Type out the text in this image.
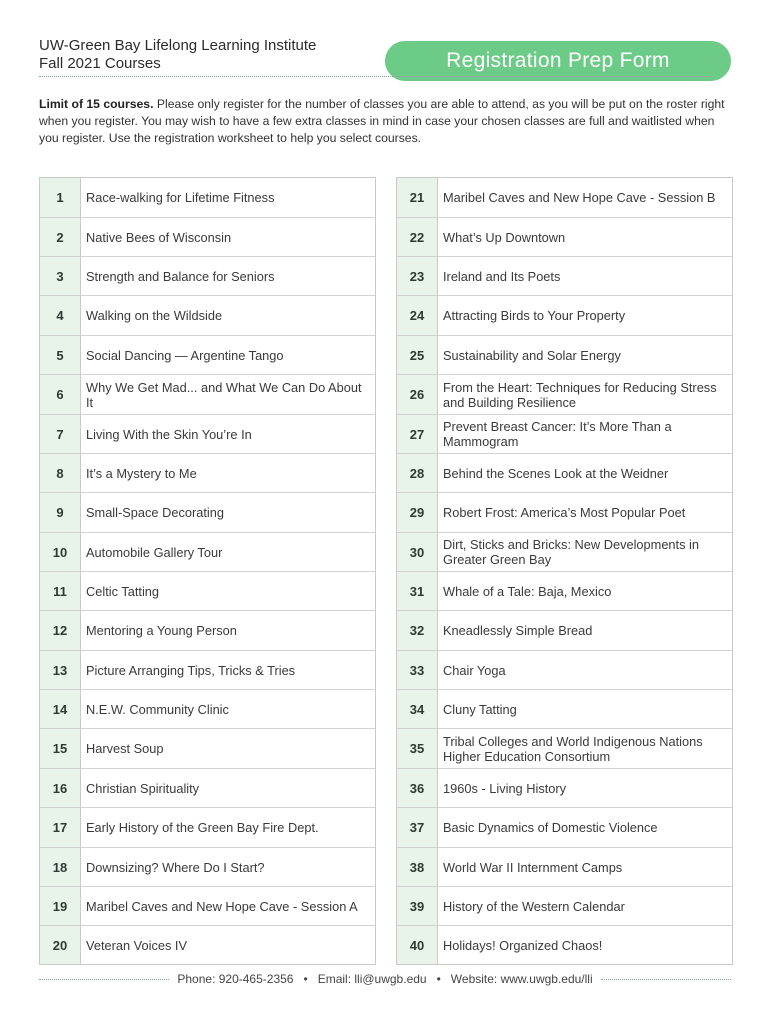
UW-Green Bay Lifelong Learning Institute
Fall 2021 Courses	Registration Prep Form
Limit of 15 courses. Please only register for the number of classes you are able to attend, as you will be put on the roster right when you register. You may wish to have a few extra classes in mind in case your chosen classes are full and waitlisted when you register. Use the registration worksheet to help you select courses.
1	Race-walking for Lifetime Fitness
2	Native Bees of Wisconsin
3	Strength and Balance for Seniors
4	Walking on the Wildside
5	Social Dancing — Argentine Tango
6	Why We Get Mad... and What We Can Do About It
7	Living With the Skin You’re In
8	It’s a Mystery to Me
9	Small-Space Decorating
10	Automobile Gallery Tour
11	Celtic Tatting
12	Mentoring a Young Person
13	Picture Arranging Tips, Tricks & Tries
14	N.E.W. Community Clinic
15	Harvest Soup
16	Christian Spirituality
17	Early History of the Green Bay Fire Dept.
18	Downsizing? Where Do I Start?
19	Maribel Caves and New Hope Cave - Session A
20	Veteran Voices IV
21	Maribel Caves and New Hope Cave - Session B
22	What’s Up Downtown
23	Ireland and Its Poets
24	Attracting Birds to Your Property
25	Sustainability and Solar Energy
26	From the Heart: Techniques for Reducing Stress and Building Resilience
27	Prevent Breast Cancer: It’s More Than a Mammogram
28	Behind the Scenes Look at the Weidner
29	Robert Frost: America’s Most Popular Poet
30	Dirt, Sticks and Bricks: New Developments in Greater Green Bay
31	Whale of a Tale: Baja, Mexico
32	Kneadlessly Simple Bread
33	Chair Yoga
34	Cluny Tatting
35	Tribal Colleges and World Indigenous Nations Higher Education Consortium
36	1960s - Living History
37	Basic Dynamics of Domestic Violence
38	World War II Internment Camps
39	History of the Western Calendar
40	Holidays! Organized Chaos!
Phone: 920-465-2356 • Email: lli@uwgb.edu • Website: www.uwgb.edu/lli
